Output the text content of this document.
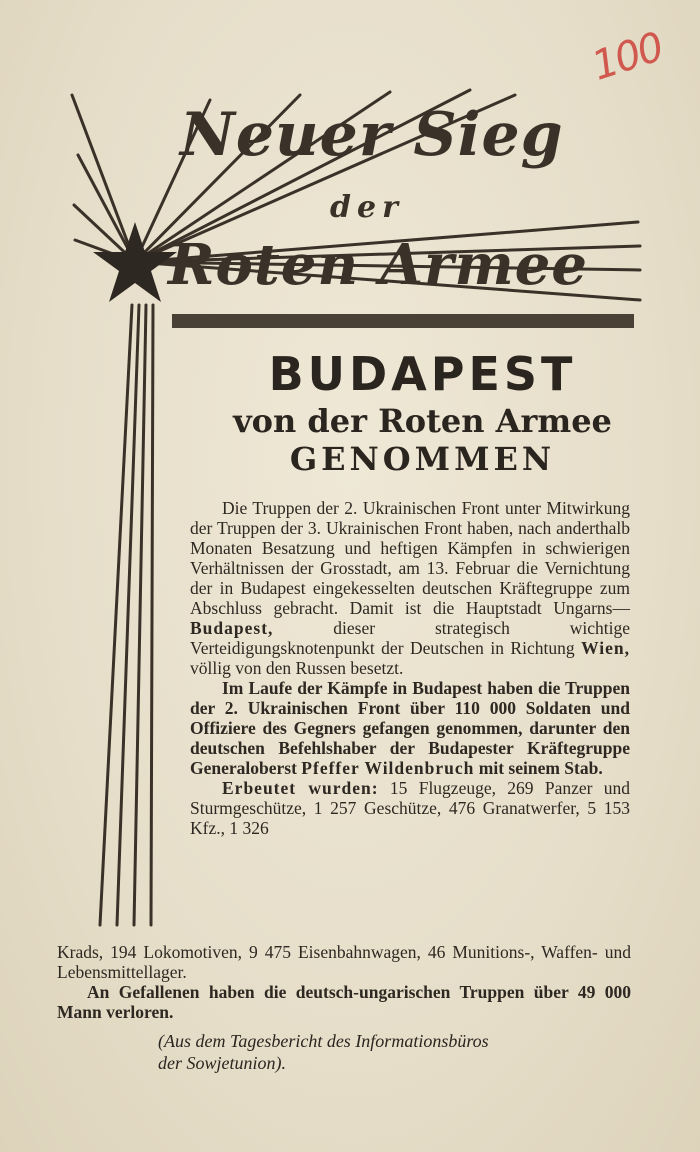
100
Neuer Sieg
der
Roten Armee
BUDAPEST
von der Roten Armee
GENOMMEN

Die Truppen der 2. Ukrainischen Front unter Mitwirkung der Truppen der 3. Ukrainischen Front haben, nach anderthalb Monaten Besatzung und heftigen Kämpfen in schwierigen Verhältnissen der Grosstadt, am 13. Februar die Vernichtung der in Budapest eingekesselten deutschen Kräftegruppe zum Abschluss gebracht. Damit ist die Hauptstadt Ungarns—Budapest, dieser strategisch wichtige Verteidigungsknotenpunkt der Deutschen in Richtung Wien, völlig von den Russen besetzt.

Im Laufe der Kämpfe in Budapest haben die Truppen der 2. Ukrainischen Front über 110 000 Soldaten und Offiziere des Gegners gefangen genommen, darunter den deutschen Befehlshaber der Budapester Kräftegruppe Generaloberst Pfeffer Wildenbruch mit seinem Stab.

Erbeutet wurden: 15 Flugzeuge, 269 Panzer und Sturmgeschütze, 1 257 Geschütze, 476 Granatwerfer, 5 153 Kfz., 1 326

Krads, 194 Lokomotiven, 9 475 Eisenbahnwagen, 46 Munitions-, Waffen- und Lebensmittellager.

An Gefallenen haben die deutsch-ungarischen Truppen über 49 000 Mann verloren.

(Aus dem Tagesbericht des Informationsbüros
der Sowjetunion).
